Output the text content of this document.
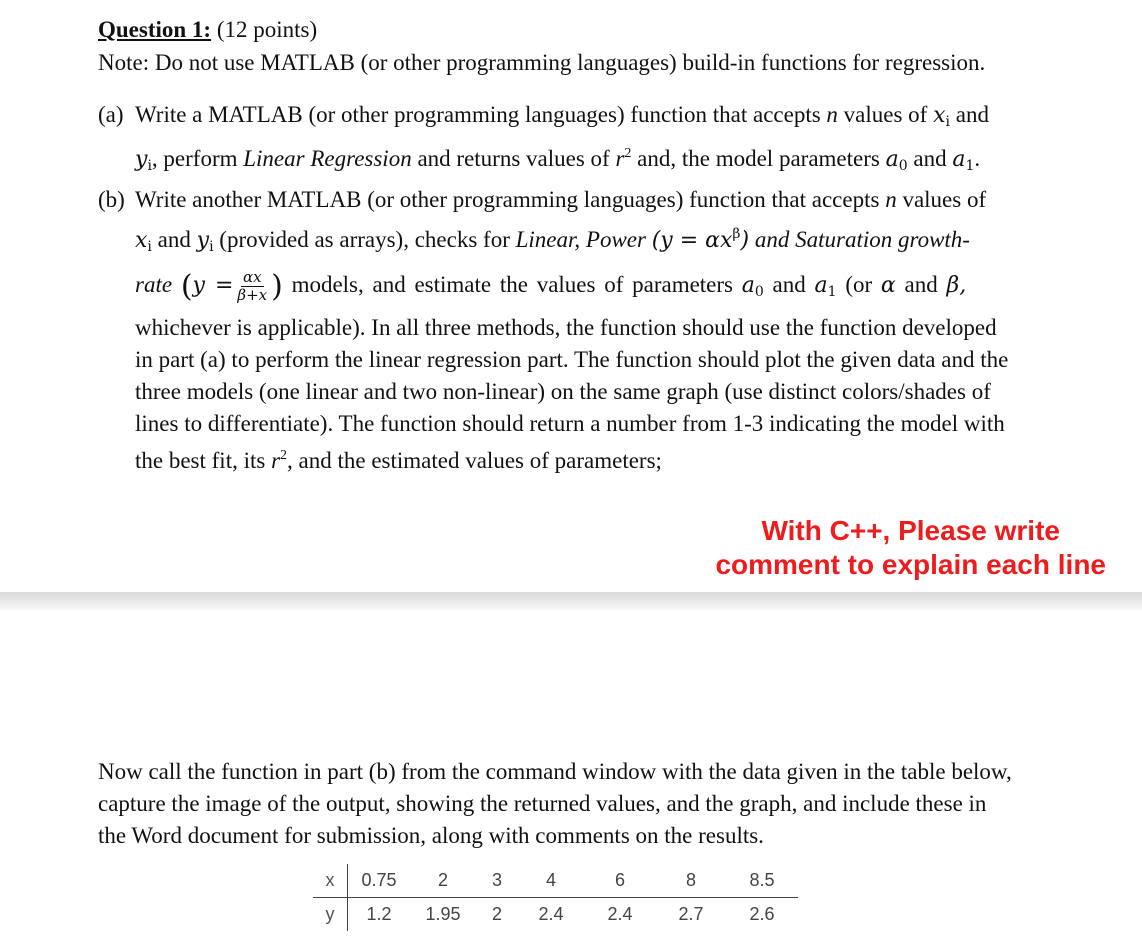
Question 1: (12 points)
Note: Do not use MATLAB (or other programming languages) build-in functions for regression.
(a) Write a MATLAB (or other programming languages) function that accepts n values of $x_i$ and
$y_i$, perform Linear Regression and returns values of $r^2$ and, the model parameters $a_0$ and $a_1$.
(b) Write another MATLAB (or other programming languages) function that accepts n values of
$x_i$ and $y_i$ (provided as arrays), checks for Linear, Power $(y = \alpha x^\beta)$ and Saturation growth-
rate ($y = \frac{\alpha x}{\beta+x}$ ) models, and estimate the values of parameters $a_0$ and $a_1$ (or α and β,
whichever is applicable). In all three methods, the function should use the function developed
in part (a) to perform the linear regression part. The function should plot the given data and the
three models (one linear and two non-linear) on the same graph (use distinct colors/shades of
lines to differentiate). The function should return a number from 1-3 indicating the model with
the best fit, its $r^2$, and the estimated values of parameters;
With C++, Please write
comment to explain each line
Now call the function in part (b) from the command window with the data given in the table below,
capture the image of the output, showing the returned values, and the graph, and include these in
the Word document for submission, along with comments on the results.
x	0.75	2	3	4	6	8	8.5
y	1.2	1.95	2	2.4	2.4	2.7	2.6
